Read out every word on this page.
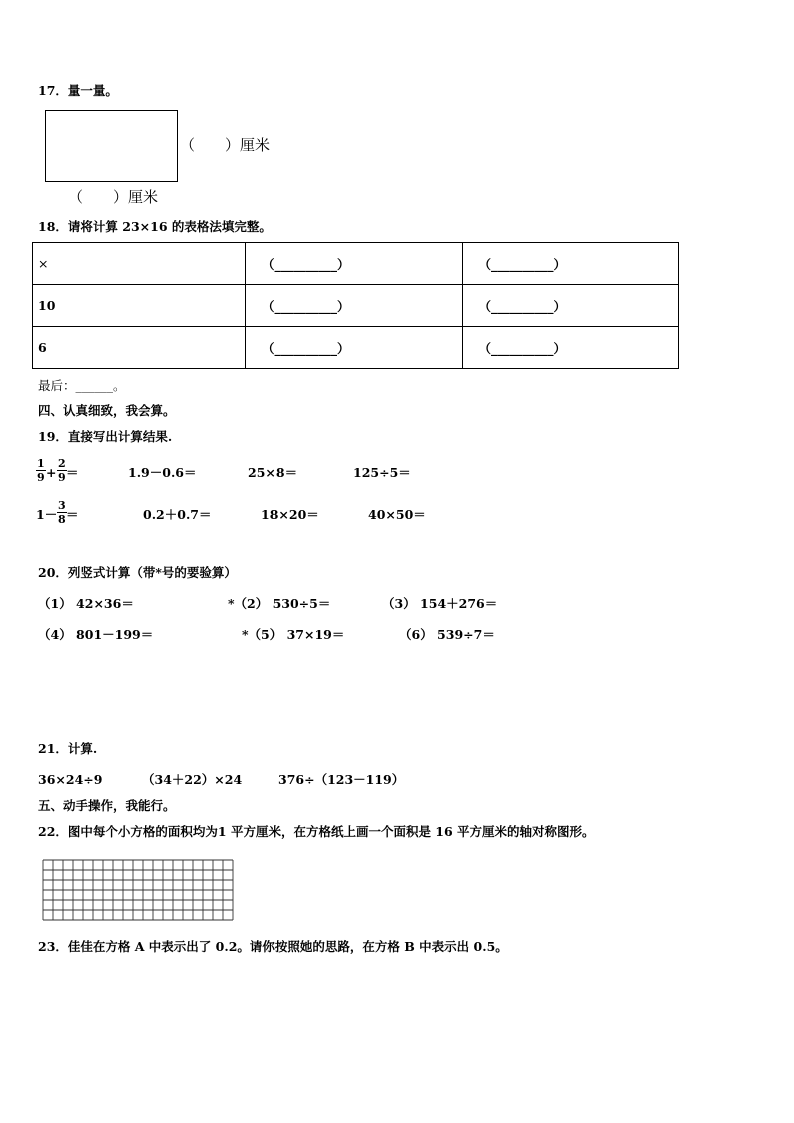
17．量一量。
（　　）厘米
（　　）厘米
18．请将计算 23×16 的表格法填完整。
×	（__________）	（__________）
10	（__________）	（__________）
6	（__________）	（__________）
最后：______。
四、认真细致，我会算。
19．直接写出计算结果.
$\frac{1}{9} + \frac{2}{9}$ ＝	1.9－0.6＝	25×8＝	125÷5＝
$1- \frac{3}{8}$ ＝	0.2＋0.7＝	18×20＝	40×50＝
20．列竖式计算（带*号的要验算）
（1） 42×36＝	*（2） 530÷5＝	（3） 154＋276＝
（4） 801－199＝	*（5） 37×19＝	（6） 539÷7＝
21．计算.
36×24÷9	（34＋22）×24	376÷（123－119）
五、动手操作，我能行。
22．图中每个小方格的面积均为1 平方厘米，在方格纸上画一个面积是 16 平方厘米的轴对称图形。
23．佳佳在方格 A 中表示出了 0.2。请你按照她的思路，在方格 B 中表示出 0.5。
